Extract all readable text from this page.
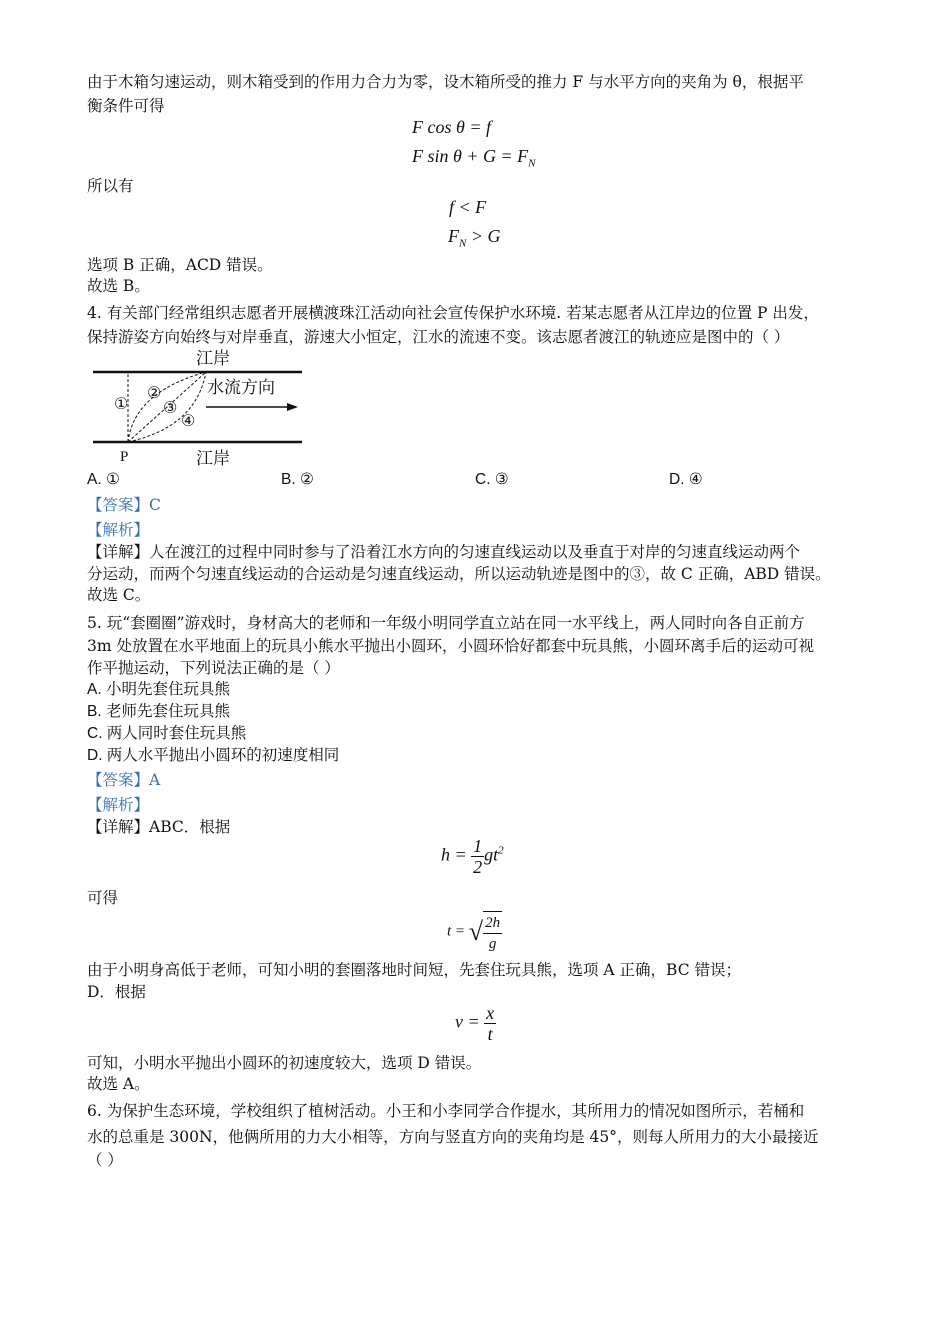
由于木箱匀速运动，则木箱受到的作用力合力为零，设木箱所受的推力 F 与水平方向的夹角为 θ，根据平
衡条件可得
F cos θ = f
F $\sin \theta + G = F_N$
所以有
f < F
$F_N > G$
选项 B 正确，ACD 错误。
故选 B。
4. 有关部门经常组织志愿者开展横渡珠江活动向社会宣传保护水环境. 若某志愿者从江岸边的位置 P 出发，
保持游姿方向始终与对岸垂直，游速大小恒定，江水的流速不变。该志愿者渡江的轨迹应是图中的（ ）
江岸
水流方向
①
②
③
④
P	江岸
A. ①	B. ②	C. ③	D. ④
【答案】C
【解析】
【详解】人在渡江的过程中同时参与了沿着江水方向的匀速直线运动以及垂直于对岸的匀速直线运动两个
分运动，而两个匀速直线运动的合运动是匀速直线运动，所以运动轨迹是图中的③，故 C 正确，ABD 错误。
故选 C。
5. 玩“套圈圈”游戏时，身材高大的老师和一年级小明同学直立站在同一水平线上，两人同时向各自正前方
3m 处放置在水平地面上的玩具小熊水平抛出小圆环，小圆环恰好都套中玩具熊，小圆环离手后的运动可视
作平抛运动，下列说法正确的是（ ）
A. 小明先套住玩具熊
B. 老师先套住玩具熊
C. 两人同时套住玩具熊
D. 两人水平抛出小圆环的初速度相同
【答案】A
【解析】
【详解】ABC．根据
$h = \frac{1}{2} gt^2$
可得
t = √ $\frac{2h}{g}$
由于小明身高低于老师，可知小明的套圈落地时间短，先套住玩具熊，选项 A 正确，BC 错误；
D．根据
$v = \frac{x}{t}$
可知，小明水平抛出小圆环的初速度较大，选项 D 错误。
故选 A。
6. 为保护生态环境，学校组织了植树活动。小王和小李同学合作提水，其所用力的情况如图所示，若桶和
水的总重是 300N，他俩所用的力大小相等，方向与竖直方向的夹角均是 45°，则每人所用力的大小最接近
（ ）
